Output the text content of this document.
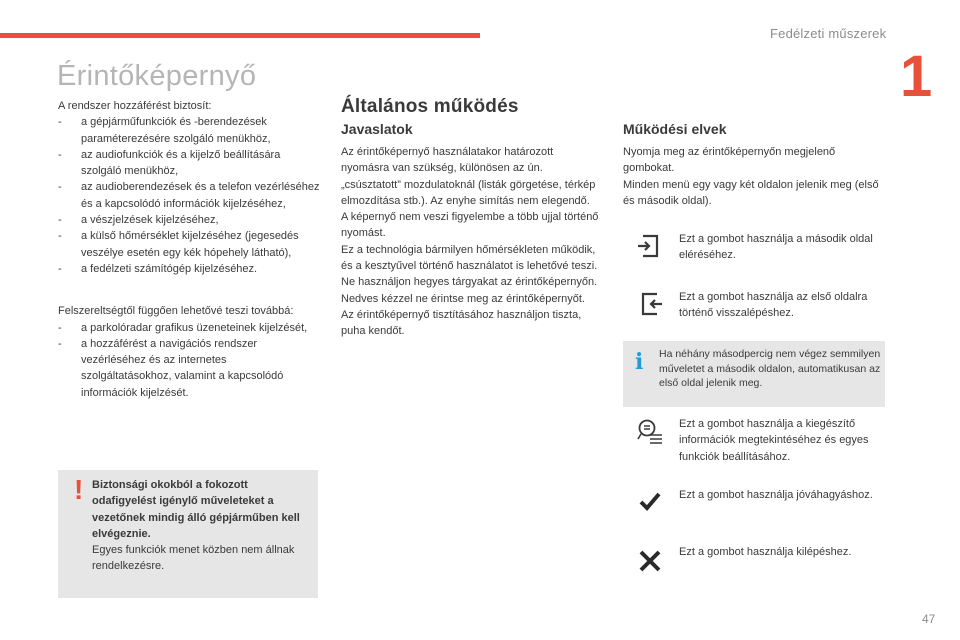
Fedélzeti műszerek
1
Érintőképernyő

A rendszer hozzáférést biztosít:

- a gépjárműfunkciók és -berendezések paraméterezésére szolgáló menükhöz,
- az audiofunkciók és a kijelző beállítására szolgáló menükhöz,
- az audioberendezések és a telefon vezérléséhez és a kapcsolódó információk kijelzéséhez,
- a vészjelzések kijelzéséhez,
- a külső hőmérséklet kijelzéséhez (jegesedés veszélye esetén egy kék hópehely látható),
- a fedélzeti számítógép kijelzéséhez.

Felszereltségtől függően lehetővé teszi továbbá:

- a parkolóradar grafikus üzeneteinek kijelzését,
- a hozzáférést a navigációs rendszer vezérléséhez és az internetes szolgáltatásokhoz, valamint a kapcsolódó információk kijelzését.
! Biztonsági okokból a fokozott odafigyelést igénylő műveleteket a vezetőnek mindig álló gépjárműben kell elvégeznie.
Egyes funkciók menet közben nem állnak rendelkezésre.
Általános működés
Javaslatok

Az érintőképernyő használatakor határozott nyomásra van szükség, különösen az ún. „csúsztatott” mozdulatoknál (listák görgetése, térkép elmozdítása stb.). Az enyhe simítás nem elegendő.

A képernyő nem veszi figyelembe a több ujjal történő nyomást.

Ez a technológia bármilyen hőmérsékleten működik, és a kesztyűvel történő használatot is lehetővé teszi.

Ne használjon hegyes tárgyakat az érintőképernyőn.

Nedves kézzel ne érintse meg az érintőképernyőt.

Az érintőképernyő tisztításához használjon tiszta, puha kendőt.

Működési elvek

Nyomja meg az érintőképernyőn megjelenő gombokat.

Minden menü egy vagy két oldalon jelenik meg (első és második oldal).

Ezt a gombot használja a második oldal eléréséhez.
Ezt a gombot használja az első oldalra történő visszalépéshez.
i Ha néhány másodpercig nem végez semmilyen műveletet a második oldalon, automatikusan az első oldal jelenik meg.
Ezt a gombot használja a kiegészítő információk megtekintéséhez és egyes funkciók beállításához.
Ezt a gombot használja jóváhagyáshoz.
Ezt a gombot használja kilépéshez.
47
